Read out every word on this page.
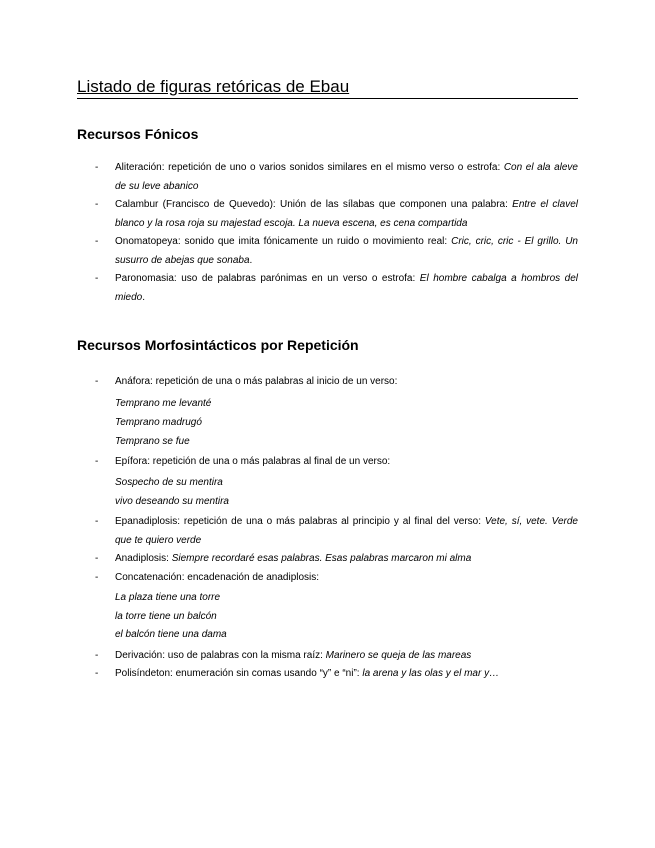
Listado de figuras retóricas de Ebau
Recursos Fónicos
- Aliteración: repetición de uno o varios sonidos similares en el mismo verso o estrofa: Con el ala aleve de su leve abanico
- Calambur (Francisco de Quevedo): Unión de las sílabas que componen una palabra: Entre el clavel blanco y la rosa roja su majestad escoja. La nueva escena, es cena compartida
- Onomatopeya: sonido que imita fónicamente un ruido o movimiento real: Cric, cric, cric - El grillo. Un susurro de abejas que sonaba.
- Paronomasia: uso de palabras parónimas en un verso o estrofa: El hombre cabalga a hombros del miedo.
Recursos Morfosintácticos por Repetición
- Anáfora: repetición de una o más palabras al inicio de un verso:
Temprano me levanté
Temprano madrugó
Temprano se fue
- Epífora: repetición de una o más palabras al final de un verso:
Sospecho de su mentira
vivo deseando su mentira
- Epanadiplosis: repetición de una o más palabras al principio y al final del verso: Vete, sí, vete. Verde que te quiero verde
- Anadiplosis: Siempre recordaré esas palabras. Esas palabras marcaron mi alma
- Concatenación: encadenación de anadiplosis:
La plaza tiene una torre
la torre tiene un balcón
el balcón tiene una dama
- Derivación: uso de palabras con la misma raíz: Marinero se queja de las mareas
- Polisíndeton: enumeración sin comas usando “y” e “ni”: la arena y las olas y el mar y…
